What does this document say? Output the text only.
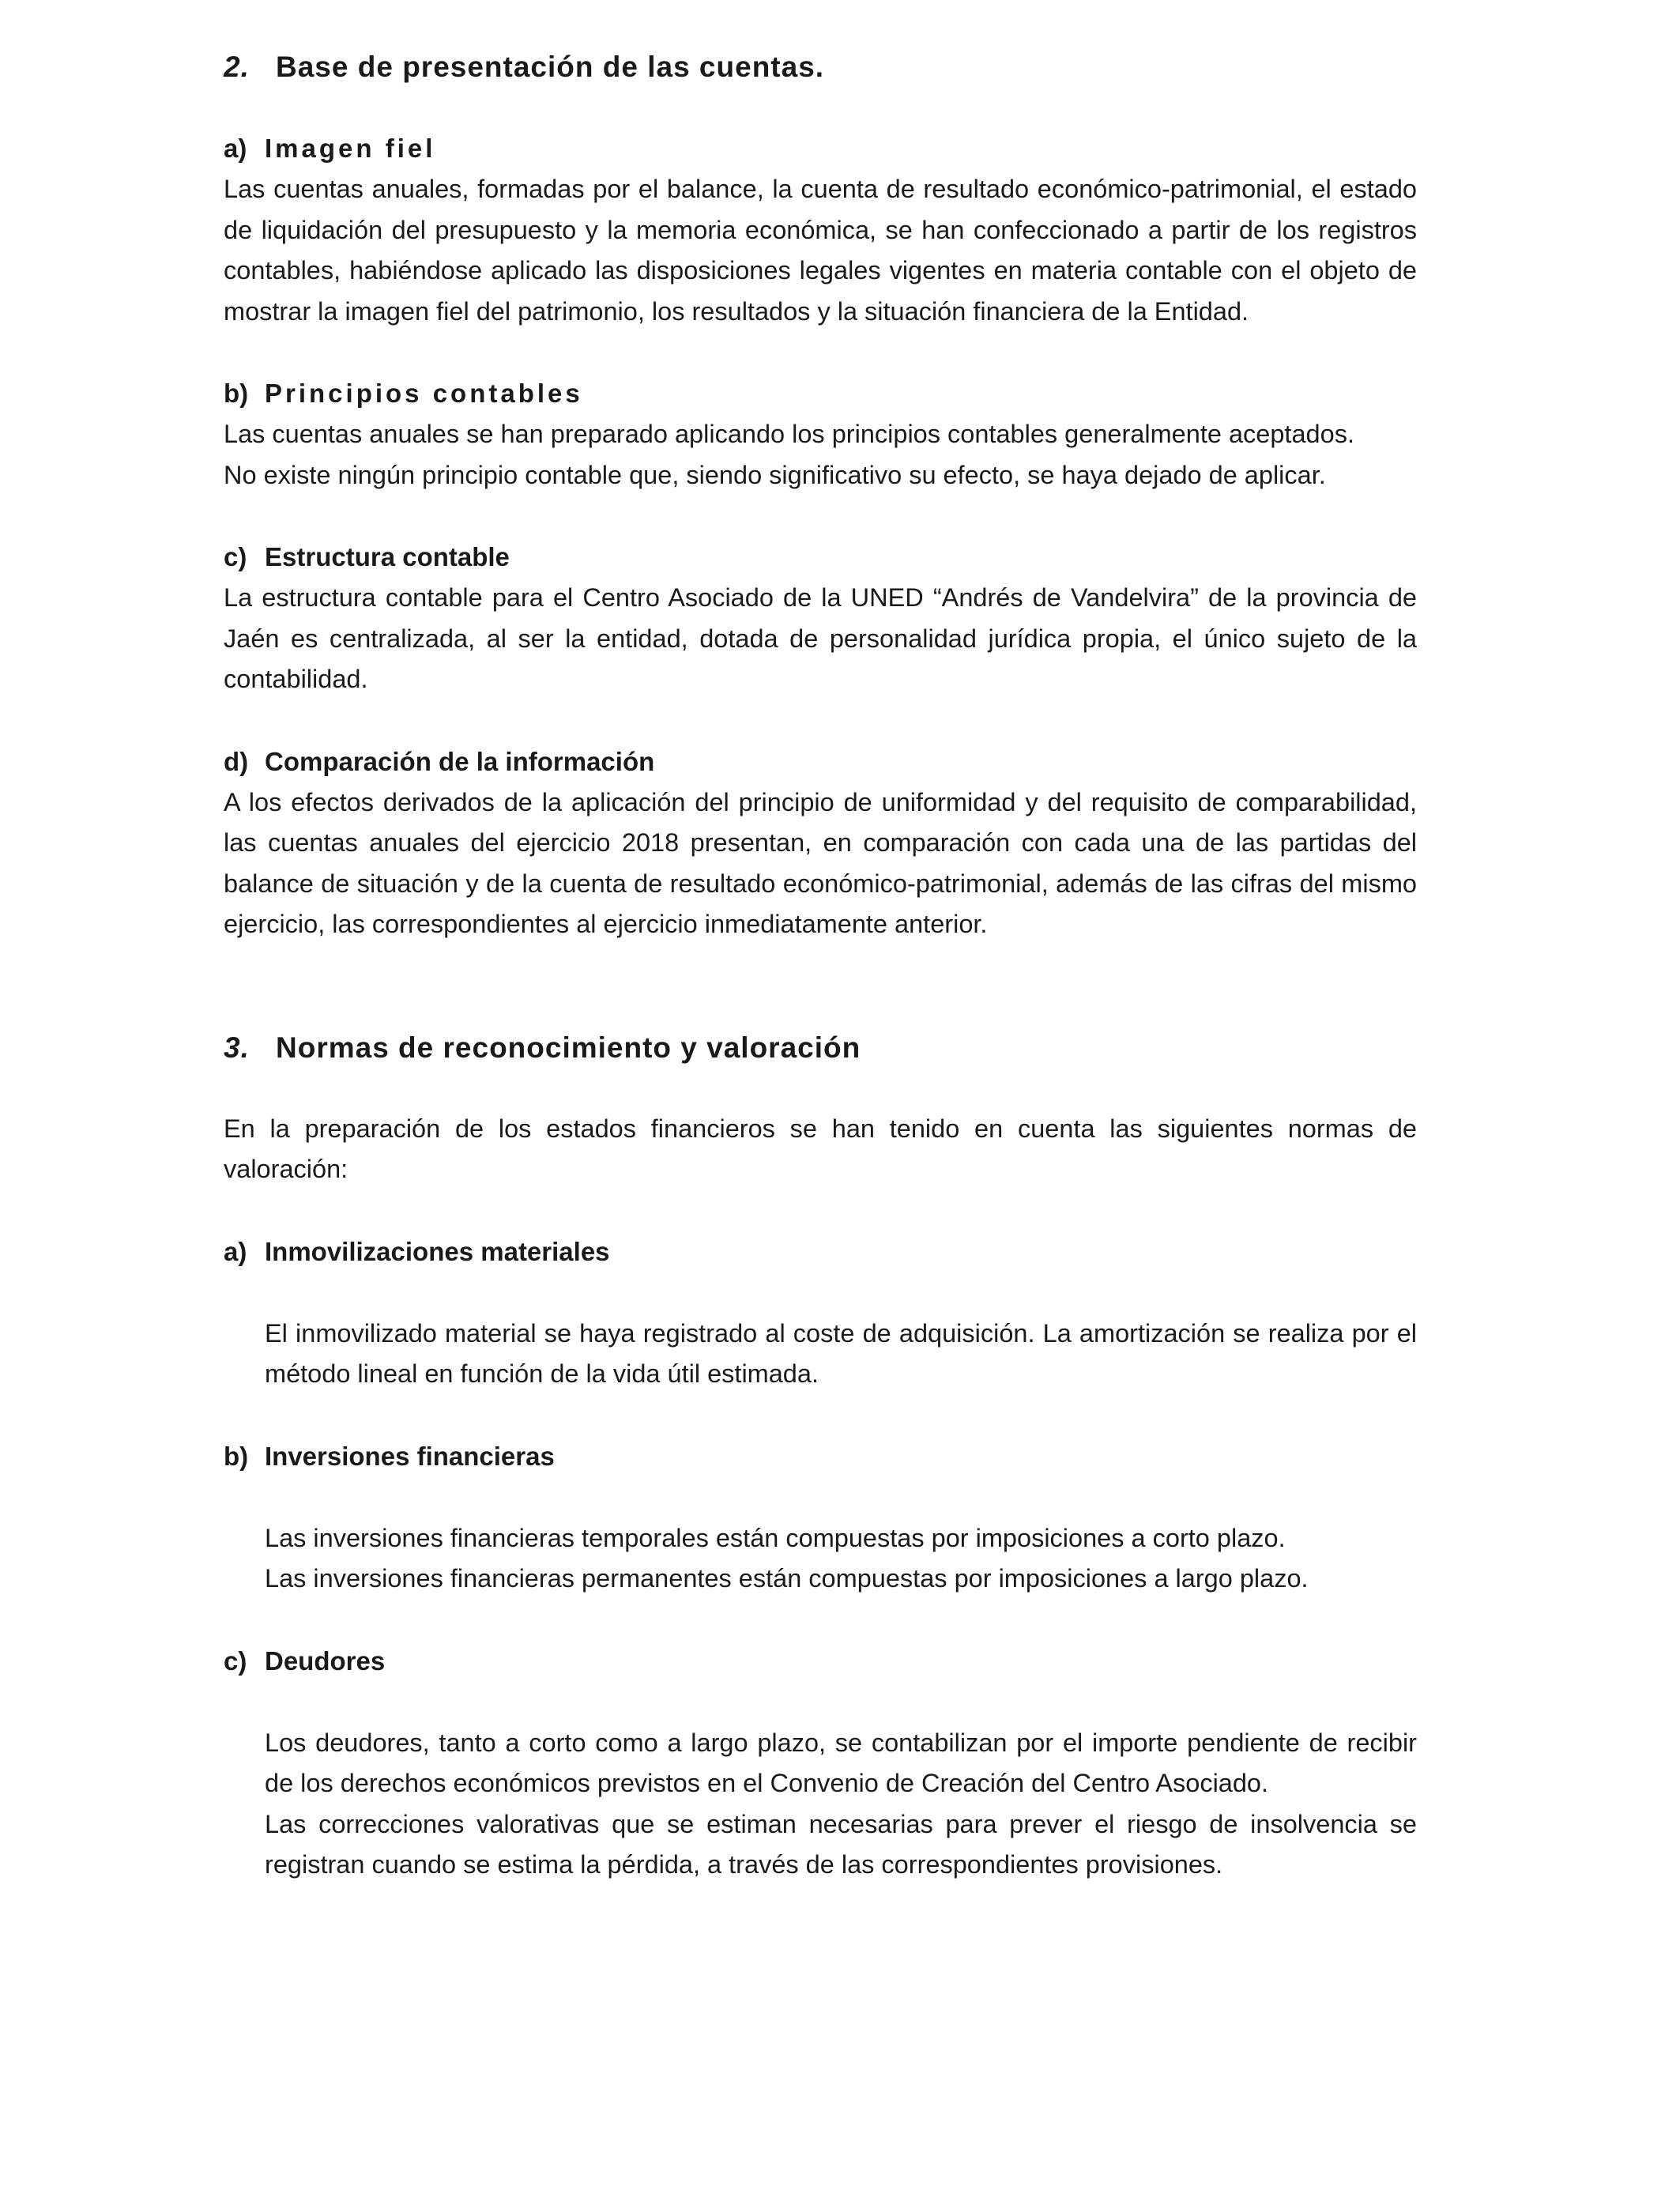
2. Base de presentación de las cuentas.
a) Imagen fiel

Las cuentas anuales, formadas por el balance, la cuenta de resultado económico-patrimonial, el estado de liquidación del presupuesto y la memoria económica, se han confeccionado a partir de los registros contables, habiéndose aplicado las disposiciones legales vigentes en materia contable con el objeto de mostrar la imagen fiel del patrimonio, los resultados y la situación financiera de la Entidad.

b) Principios contables

Las cuentas anuales se han preparado aplicando los principios contables generalmente aceptados.

No existe ningún principio contable que, siendo significativo su efecto, se haya dejado de aplicar.

c) Estructura contable

La estructura contable para el Centro Asociado de la UNED “Andrés de Vandelvira” de la provincia de Jaén es centralizada, al ser la entidad, dotada de personalidad jurídica propia, el único sujeto de la contabilidad.

d) Comparación de la información

A los efectos derivados de la aplicación del principio de uniformidad y del requisito de comparabilidad, las cuentas anuales del ejercicio 2018 presentan, en comparación con cada una de las partidas del balance de situación y de la cuenta de resultado económico-patrimonial, además de las cifras del mismo ejercicio, las correspondientes al ejercicio inmediatamente anterior.

3. Normas de reconocimiento y valoración

En la preparación de los estados financieros se han tenido en cuenta las siguientes normas de valoración:

a) Inmovilizaciones materiales

El inmovilizado material se haya registrado al coste de adquisición. La amortización se realiza por el método lineal en función de la vida útil estimada.

b) Inversiones financieras

Las inversiones financieras temporales están compuestas por imposiciones a corto plazo.

Las inversiones financieras permanentes están compuestas por imposiciones a largo plazo.

c) Deudores

Los deudores, tanto a corto como a largo plazo, se contabilizan por el importe pendiente de recibir de los derechos económicos previstos en el Convenio de Creación del Centro Asociado.

Las correcciones valorativas que se estiman necesarias para prever el riesgo de insolvencia se registran cuando se estima la pérdida, a través de las correspondientes provisiones.
